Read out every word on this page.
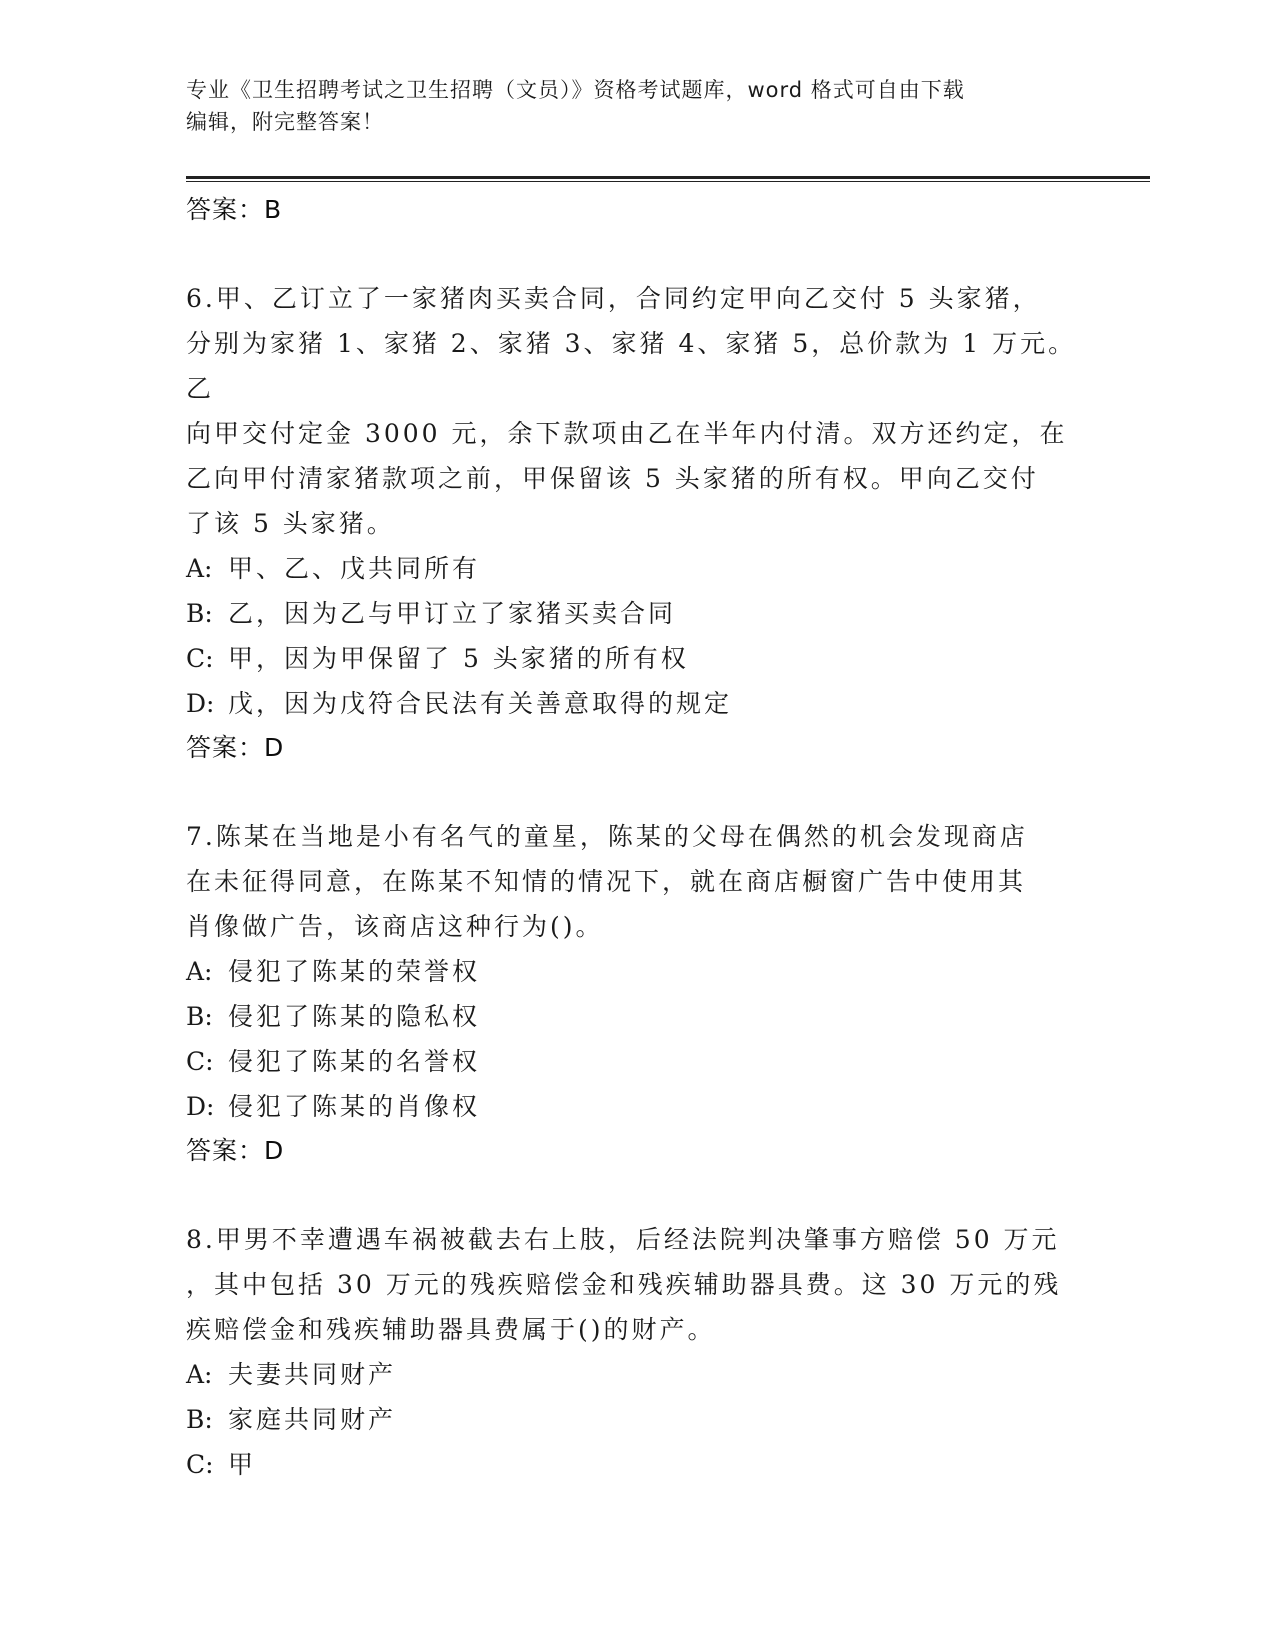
专业《卫生招聘考试之卫生招聘（文员）》资格考试题库，word 格式可自由下载
编辑，附完整答案！
答案：B
6.甲、乙订立了一家猪肉买卖合同，合同约定甲向乙交付 5 头家猪，
分别为家猪 1、家猪 2、家猪 3、家猪 4、家猪 5，总价款为 1 万元。乙
向甲交付定金 3000 元，余下款项由乙在半年内付清。双方还约定，在
乙向甲付清家猪款项之前，甲保留该 5 头家猪的所有权。甲向乙交付
了该 5 头家猪。
A: 甲、乙、戊共同所有
B: 乙，因为乙与甲订立了家猪买卖合同
C: 甲，因为甲保留了 5 头家猪的所有权
D: 戊，因为戊符合民法有关善意取得的规定
答案：D
7.陈某在当地是小有名气的童星，陈某的父母在偶然的机会发现商店
在未征得同意，在陈某不知情的情况下，就在商店橱窗广告中使用其
肖像做广告，该商店这种行为()。
A: 侵犯了陈某的荣誉权
B: 侵犯了陈某的隐私权
C: 侵犯了陈某的名誉权
D: 侵犯了陈某的肖像权
答案：D
8.甲男不幸遭遇车祸被截去右上肢，后经法院判决肇事方赔偿 50 万元
，其中包括 30 万元的残疾赔偿金和残疾辅助器具费。这 30 万元的残
疾赔偿金和残疾辅助器具费属于()的财产。
A: 夫妻共同财产
B: 家庭共同财产
C: 甲
